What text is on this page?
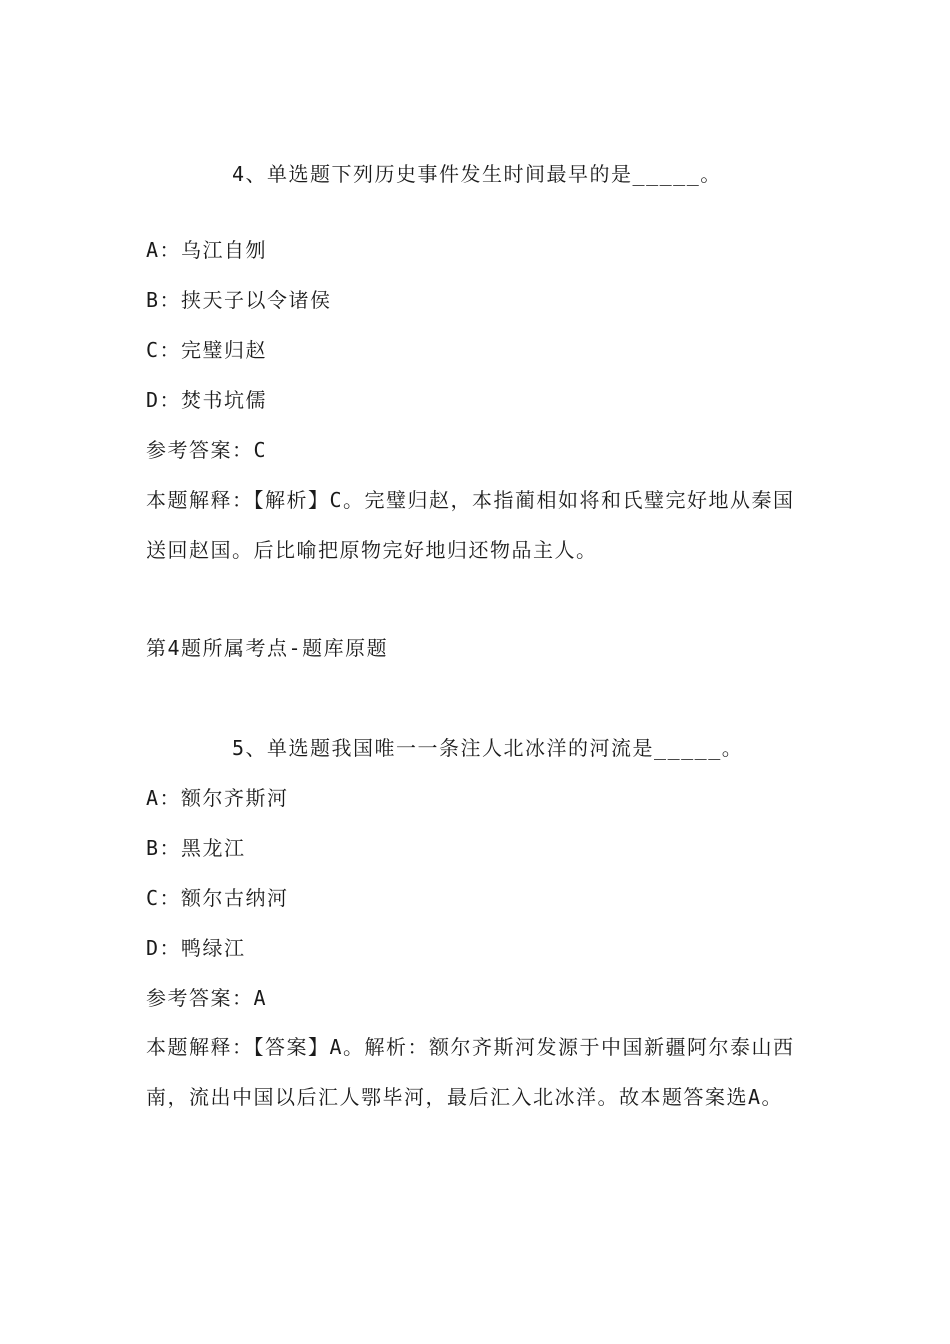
4、单选题下列历史事件发生时间最早的是_____。
A：乌江自刎
B：挟天子以令诸侯
C：完璧归赵
D：焚书坑儒
参考答案：C
本题解释：【解析】C。完璧归赵，本指蔺相如将和氏璧完好地从秦国送回赵国。后比喻把原物完好地归还物品主人。
第4题所属考点-题库原题
5、单选题我国唯一一条注人北冰洋的河流是_____。
A：额尔齐斯河
B：黑龙江
C：额尔古纳河
D：鸭绿江
参考答案：A
本题解释：【答案】A。解析：额尔齐斯河发源于中国新疆阿尔泰山西南，流出中国以后汇人鄂毕河，最后汇入北冰洋。故本题答案选A。
